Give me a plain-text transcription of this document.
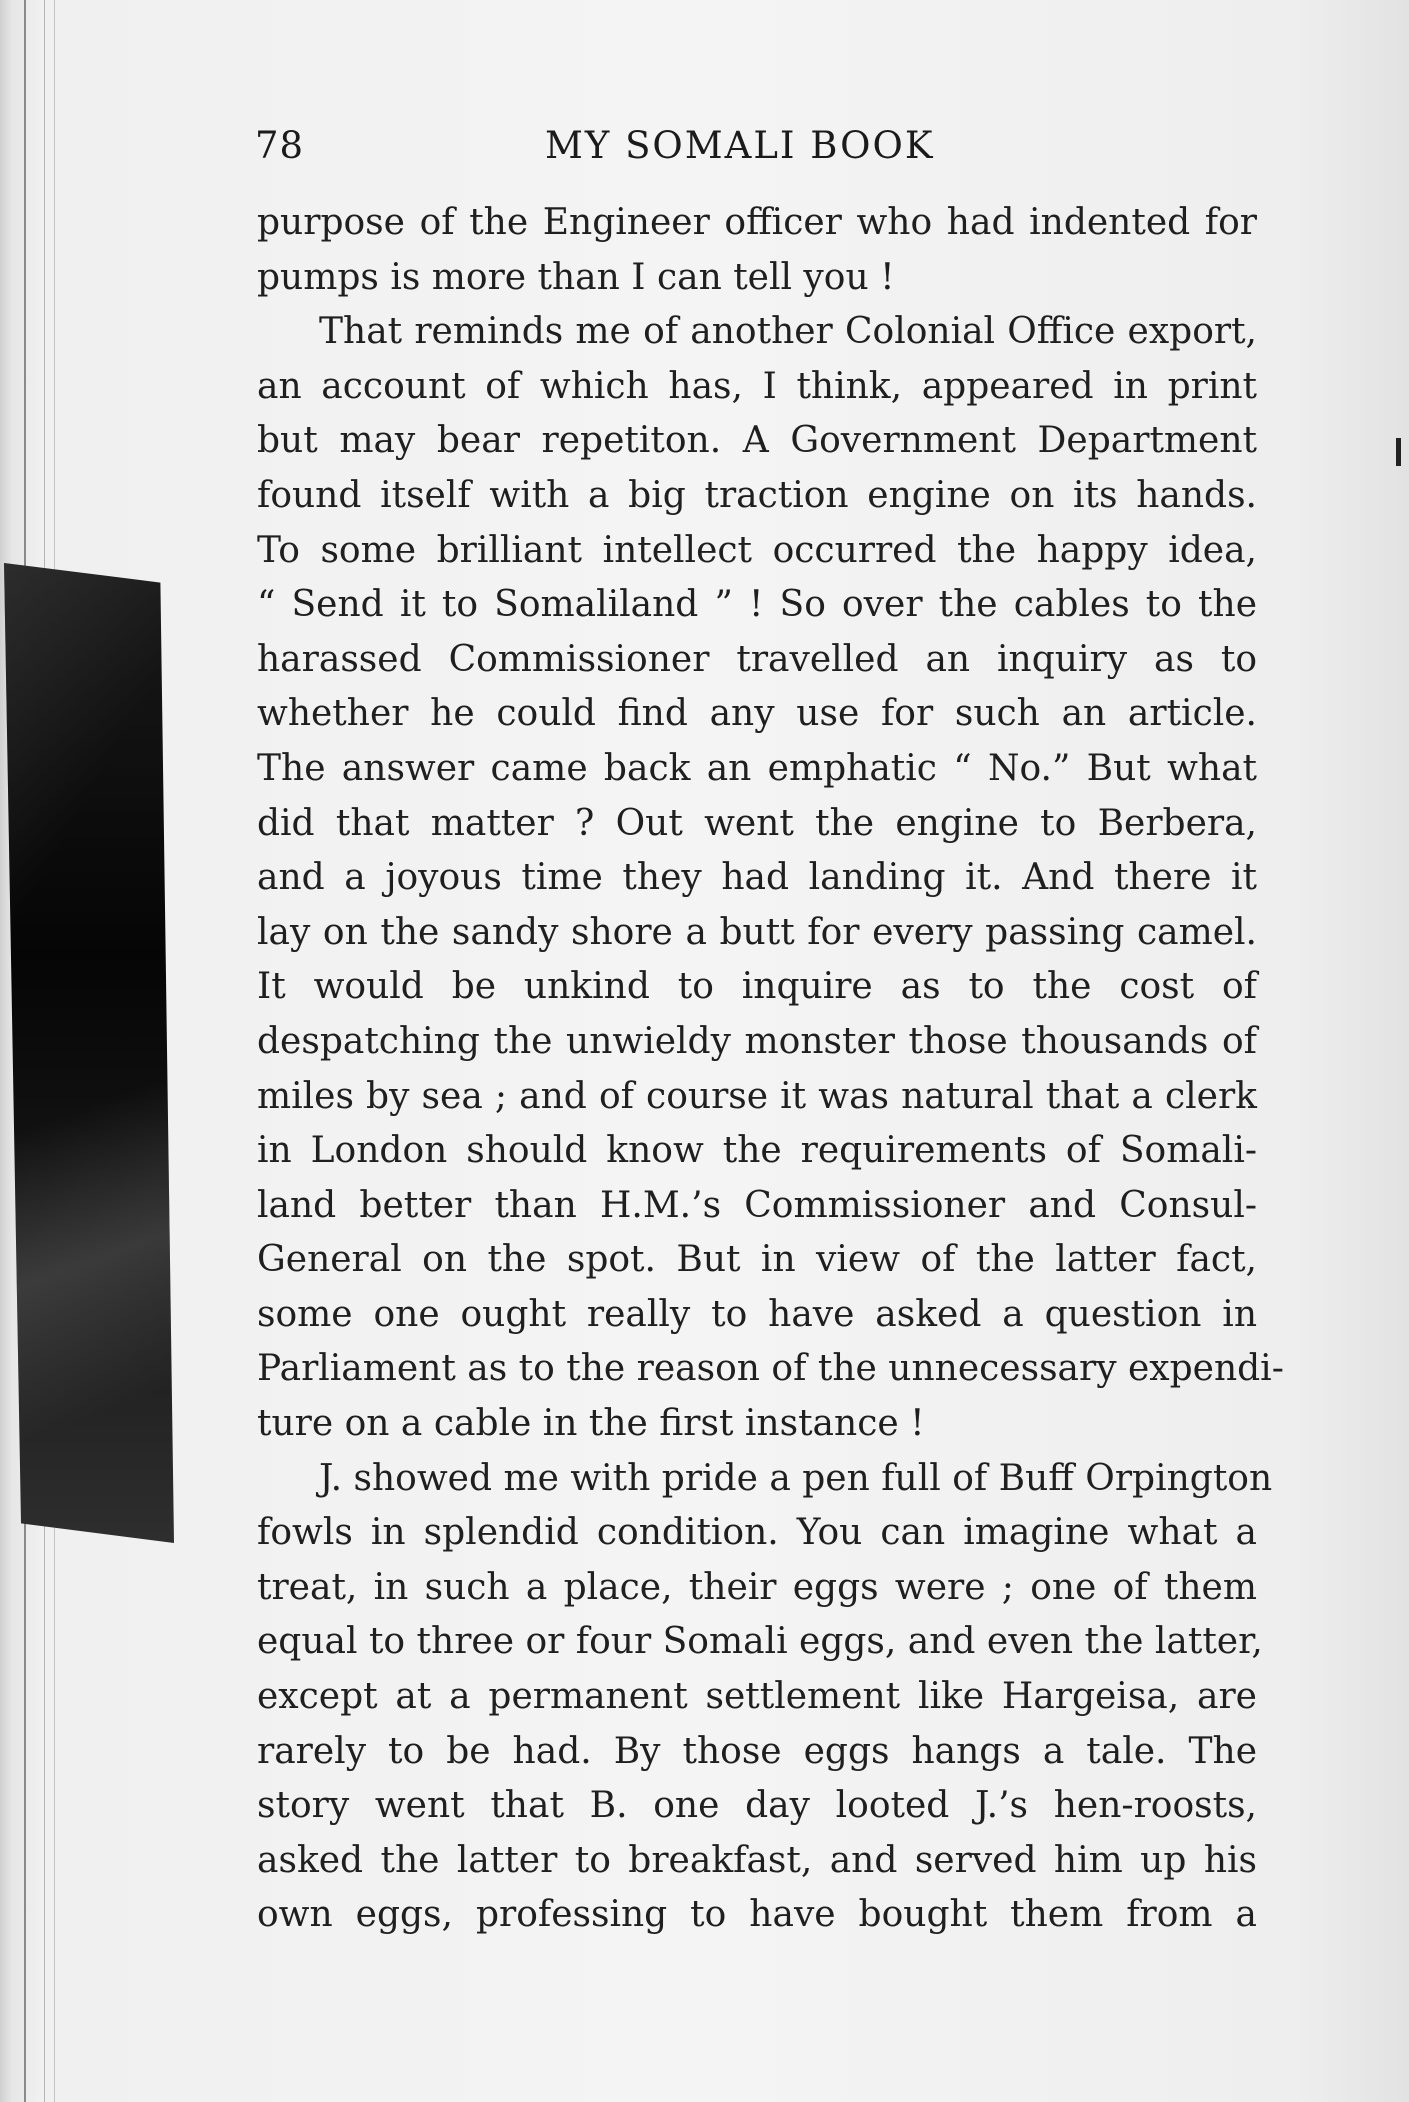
78	MY SOMALI BOOK
purpose of the Engineer officer who had indented for
pumps is more than I can tell you !
That reminds me of another Colonial Office export,
an account of which has, I think, appeared in print
but may bear repetiton. A Government Department
found itself with a big traction engine on its hands.
To some brilliant intellect occurred the happy idea,
“ Send it to Somaliland ” ! So over the cables to the
harassed Commissioner travelled an inquiry as to
whether he could find any use for such an article.
The answer came back an emphatic “ No.” But what
did that matter ? Out went the engine to Berbera,
and a joyous time they had landing it. And there it
lay on the sandy shore a butt for every passing camel.
It would be unkind to inquire as to the cost of
despatching the unwieldy monster those thousands of
miles by sea ; and of course it was natural that a clerk
in London should know the requirements of Somali-
land better than H.M.’s Commissioner and Consul-
General on the spot. But in view of the latter fact,
some one ought really to have asked a question in
Parliament as to the reason of the unnecessary expendi-
ture on a cable in the first instance !
J. showed me with pride a pen full of Buff Orpington
fowls in splendid condition. You can imagine what a
treat, in such a place, their eggs were ; one of them
equal to three or four Somali eggs, and even the latter,
except at a permanent settlement like Hargeisa, are
rarely to be had. By those eggs hangs a tale. The
story went that B. one day looted J.’s hen-roosts,
asked the latter to breakfast, and served him up his
own eggs, professing to have bought them from a
